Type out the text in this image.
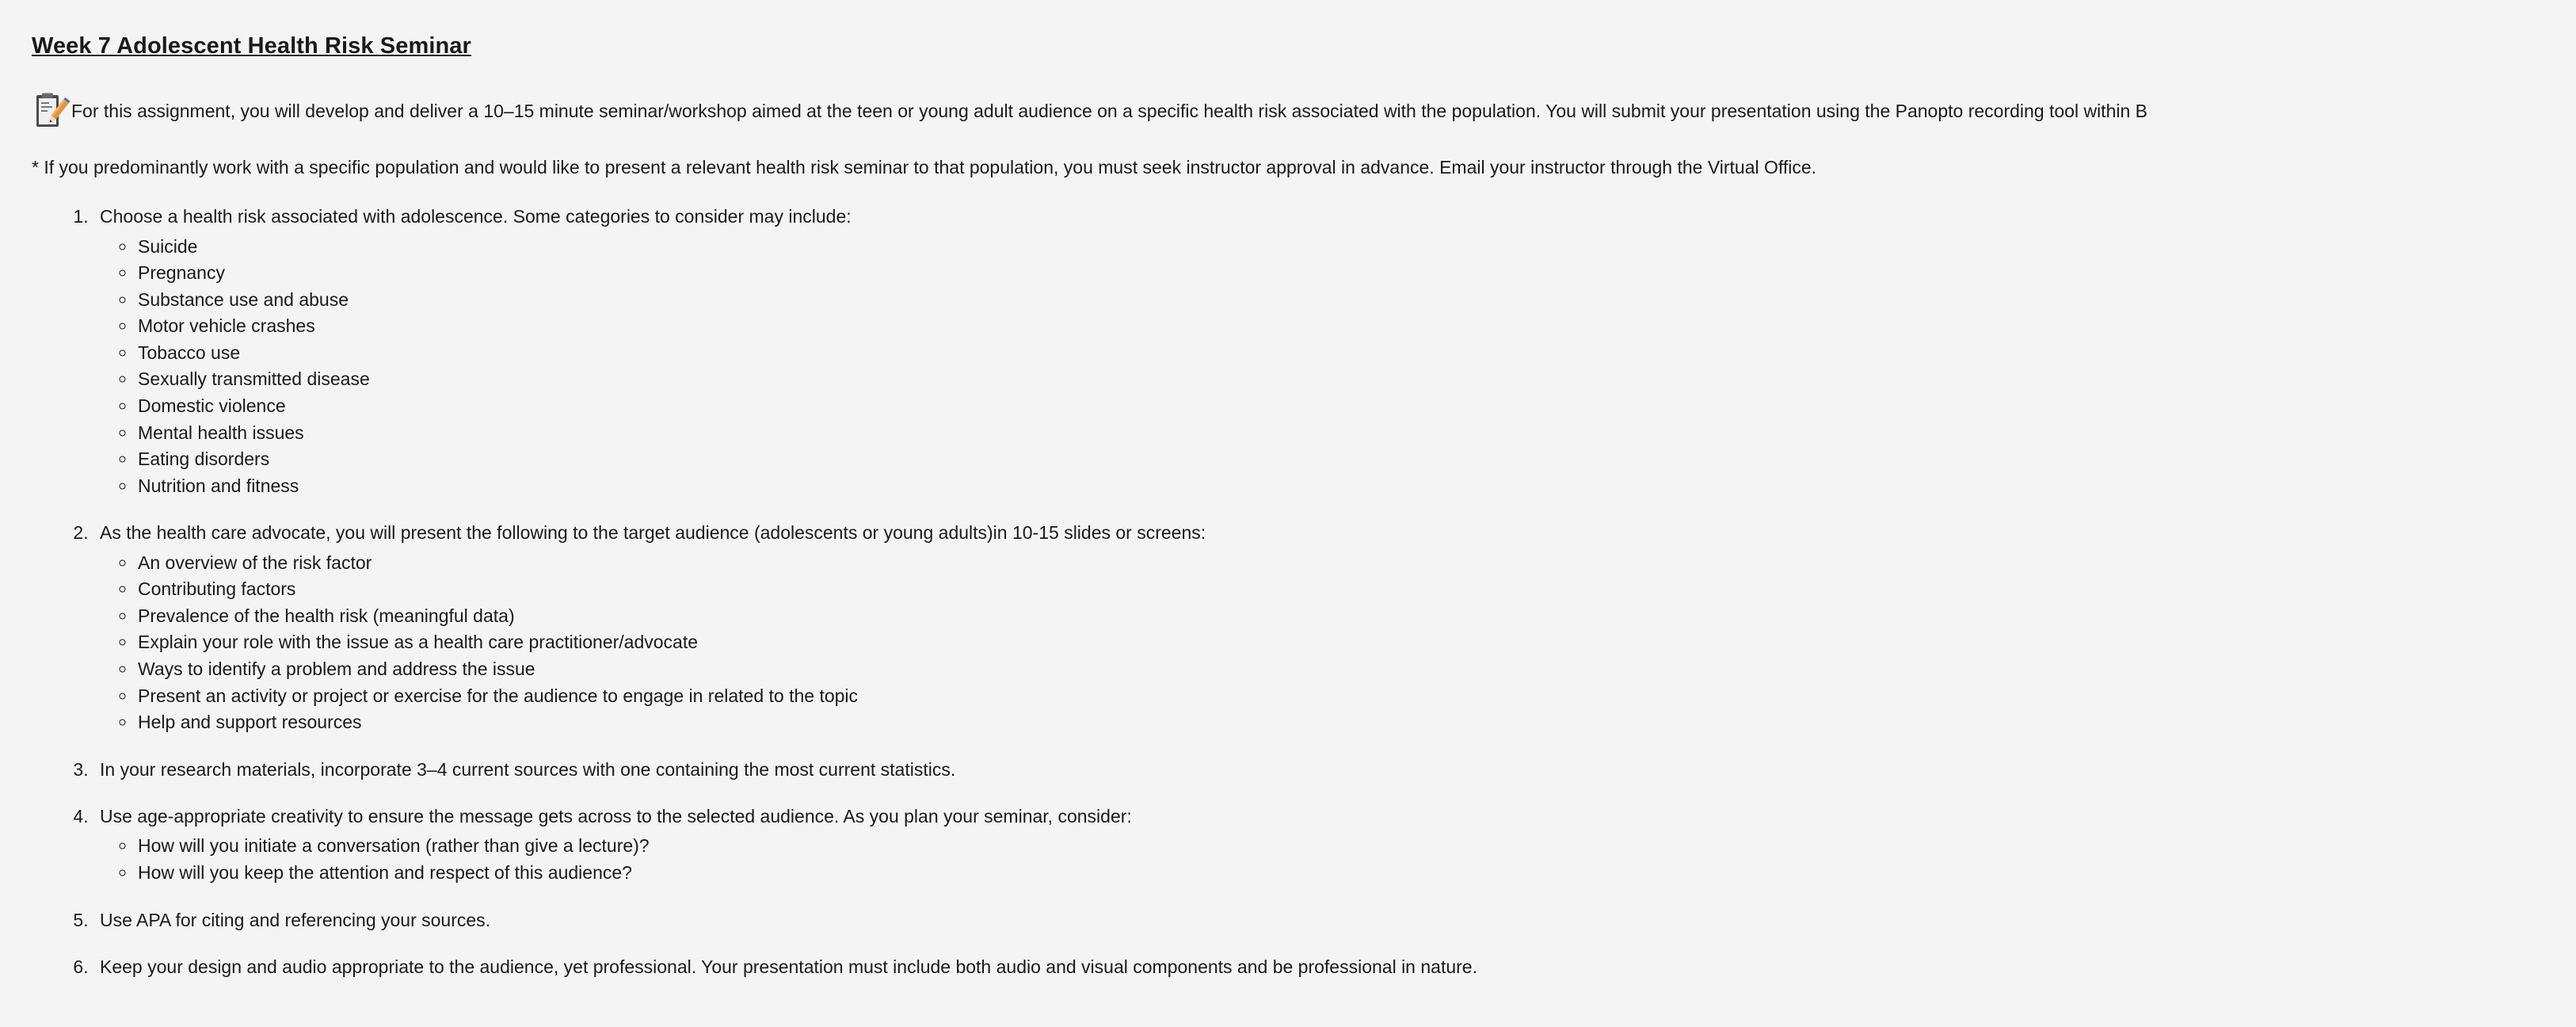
Week 7 Adolescent Health Risk Seminar
For this assignment, you will develop and deliver a 10–15 minute seminar/workshop aimed at the teen or young adult audience on a specific health risk associated with the population. You will submit your presentation using the Panopto recording tool within B

* If you predominantly work with a specific population and would like to present a relevant health risk seminar to that population, you must seek instructor approval in advance. Email your instructor through the Virtual Office.

1. Choose a health risk associated with adolescence. Some categories to consider may include:
◦ Suicide
◦ Pregnancy
◦ Substance use and abuse
◦ Motor vehicle crashes
◦ Tobacco use
◦ Sexually transmitted disease
◦ Domestic violence
◦ Mental health issues
◦ Eating disorders
◦ Nutrition and fitness
2. As the health care advocate, you will present the following to the target audience (adolescents or young adults)in 10-15 slides or screens:
◦ An overview of the risk factor
◦ Contributing factors
◦ Prevalence of the health risk (meaningful data)
◦ Explain your role with the issue as a health care practitioner/advocate
◦ Ways to identify a problem and address the issue
◦ Present an activity or project or exercise for the audience to engage in related to the topic
◦ Help and support resources
3. In your research materials, incorporate 3–4 current sources with one containing the most current statistics.
4. Use age-appropriate creativity to ensure the message gets across to the selected audience. As you plan your seminar, consider:
◦ How will you initiate a conversation (rather than give a lecture)?
◦ How will you keep the attention and respect of this audience?
5. Use APA for citing and referencing your sources.
6. Keep your design and audio appropriate to the audience, yet professional. Your presentation must include both audio and visual components and be professional in nature.
